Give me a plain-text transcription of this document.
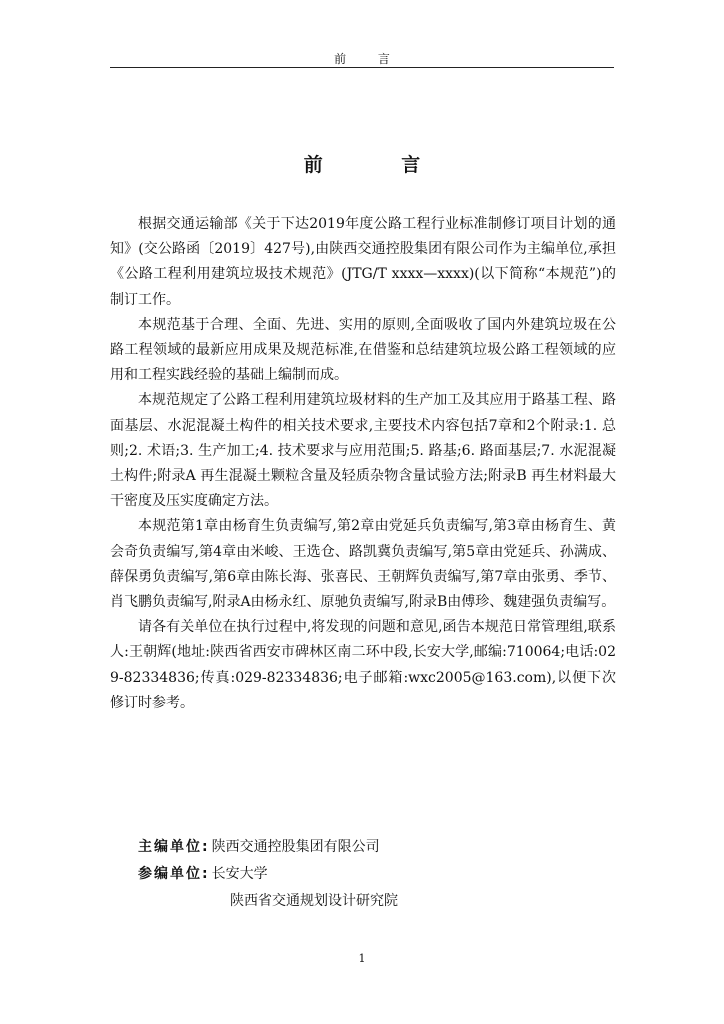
前 言
前 言

根据交通运输部《关于下达2019年度公路工程行业标准制修订项目计划的通知》(交公路函〔2019〕427号),由陕西交通控股集团有限公司作为主编单位,承担《公路工程利用建筑垃圾技术规范》(JTG/T xxxx—xxxx)(以下简称“本规范”)的制订工作。

本规范基于合理、全面、先进、实用的原则,全面吸收了国内外建筑垃圾在公路工程领域的最新应用成果及规范标准,在借鉴和总结建筑垃圾公路工程领域的应用和工程实践经验的基础上编制而成。

本规范规定了公路工程利用建筑垃圾材料的生产加工及其应用于路基工程、路面基层、水泥混凝土构件的相关技术要求,主要技术内容包括7章和2个附录:1. 总则;2. 术语;3. 生产加工;4. 技术要求与应用范围;5. 路基;6. 路面基层;7. 水泥混凝土构件;附录A 再生混凝土颗粒含量及轻质杂物含量试验方法;附录B 再生材料最大干密度及压实度确定方法。

本规范第1章由杨育生负责编写,第2章由党延兵负责编写,第3章由杨育生、黄会奇负责编写,第4章由米峻、王选仓、路凯冀负责编写,第5章由党延兵、孙满成、薛保勇负责编写,第6章由陈长海、张喜民、王朝辉负责编写,第7章由张勇、季节、肖飞鹏负责编写,附录A由杨永红、原驰负责编写,附录B由傅珍、魏建强负责编写。

请各有关单位在执行过程中,将发现的问题和意见,函告本规范日常管理组,联系人:王朝辉(地址:陕西省西安市碑林区南二环中段,长安大学,邮编:710064;电话:029-82334836;传真:029-82334836;电子邮箱:wxc2005@163.com),以便下次修订时参考。

主编单位: 陕西交通控股集团有限公司
参编单位: 长安大学
陕西省交通规划设计研究院
1
